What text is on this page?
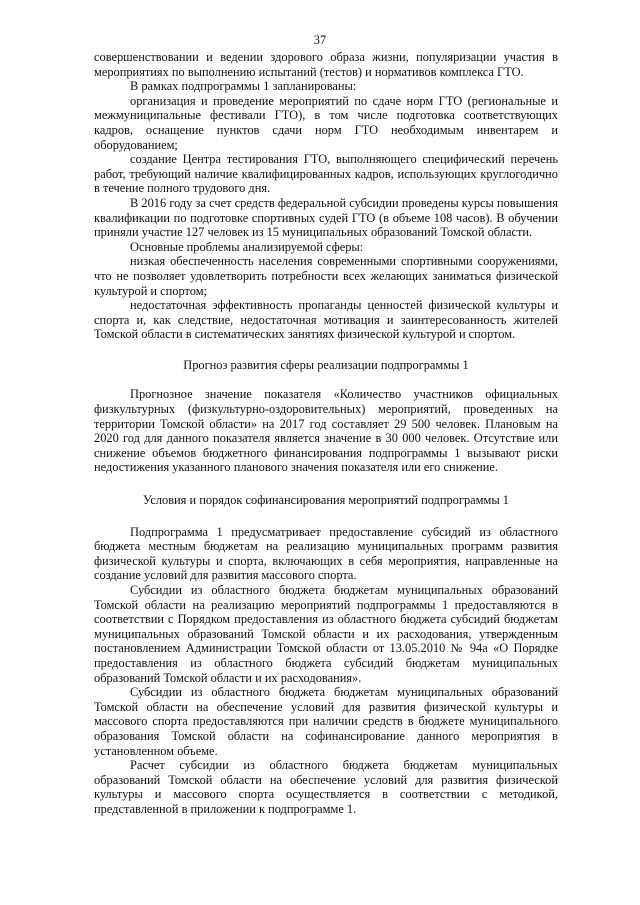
37

совершенствовании и ведении здорового образа жизни, популяризации участия в мероприятиях по выполнению испытаний (тестов) и нормативов комплекса ГТО.

В рамках подпрограммы 1 запланированы:

организация и проведение мероприятий по сдаче норм ГТО (региональные и межмуниципальные фестивали ГТО), в том числе подготовка соответствующих кадров, оснащение пунктов сдачи норм ГТО необходимым инвентарем и оборудованием;

создание Центра тестирования ГТО, выполняющего специфический перечень работ, требующий наличие квалифицированных кадров, использующих круглогодично в течение полного трудового дня.

В 2016 году за счет средств федеральной субсидии проведены курсы повышения квалификации по подготовке спортивных судей ГТО (в объеме 108 часов). В обучении приняли участие 127 человек из 15 муниципальных образований Томской области.

Основные проблемы анализируемой сферы:

низкая обеспеченность населения современными спортивными сооружениями, что не позволяет удовлетворить потребности всех желающих заниматься физической культурой и спортом;

недостаточная эффективность пропаганды ценностей физической культуры и спорта и, как следствие, недостаточная мотивация и заинтересованность жителей Томской области в систематических занятиях физической культурой и спортом.

Прогноз развития сферы реализации подпрограммы 1

Прогнозное значение показателя «Количество участников официальных физкультурных (физкультурно-оздоровительных) мероприятий, проведенных на территории Томской области» на 2017 год составляет 29 500 человек. Плановым на 2020 год для данного показателя является значение в 30 000 человек. Отсутствие или снижение объемов бюджетного финансирования подпрограммы 1 вызывают риски недостижения указанного планового значения показателя или его снижение.

Условия и порядок софинансирования мероприятий подпрограммы 1

Подпрограмма 1 предусматривает предоставление субсидий из областного бюджета местным бюджетам на реализацию муниципальных программ развития физической культуры и спорта, включающих в себя мероприятия, направленные на создание условий для развития массового спорта.

Субсидии из областного бюджета бюджетам муниципальных образований Томской области на реализацию мероприятий подпрограммы 1 предоставляются в соответствии с Порядком предоставления из областного бюджета субсидий бюджетам муниципальных образований Томской области и их расходования, утвержденным постановлением Администрации Томской области от 13.05.2010 № 94а «О Порядке предоставления из областного бюджета субсидий бюджетам муниципальных образований Томской области и их расходования».

Субсидии из областного бюджета бюджетам муниципальных образований Томской области на обеспечение условий для развития физической культуры и массового спорта предоставляются при наличии средств в бюджете муниципального образования Томской области на софинансирование данного мероприятия в установленном объеме.

Расчет субсидии из областного бюджета бюджетам муниципальных образований Томской области на обеспечение условий для развития физической культуры и массового спорта осуществляется в соответствии с методикой, представленной в приложении к подпрограмме 1.
